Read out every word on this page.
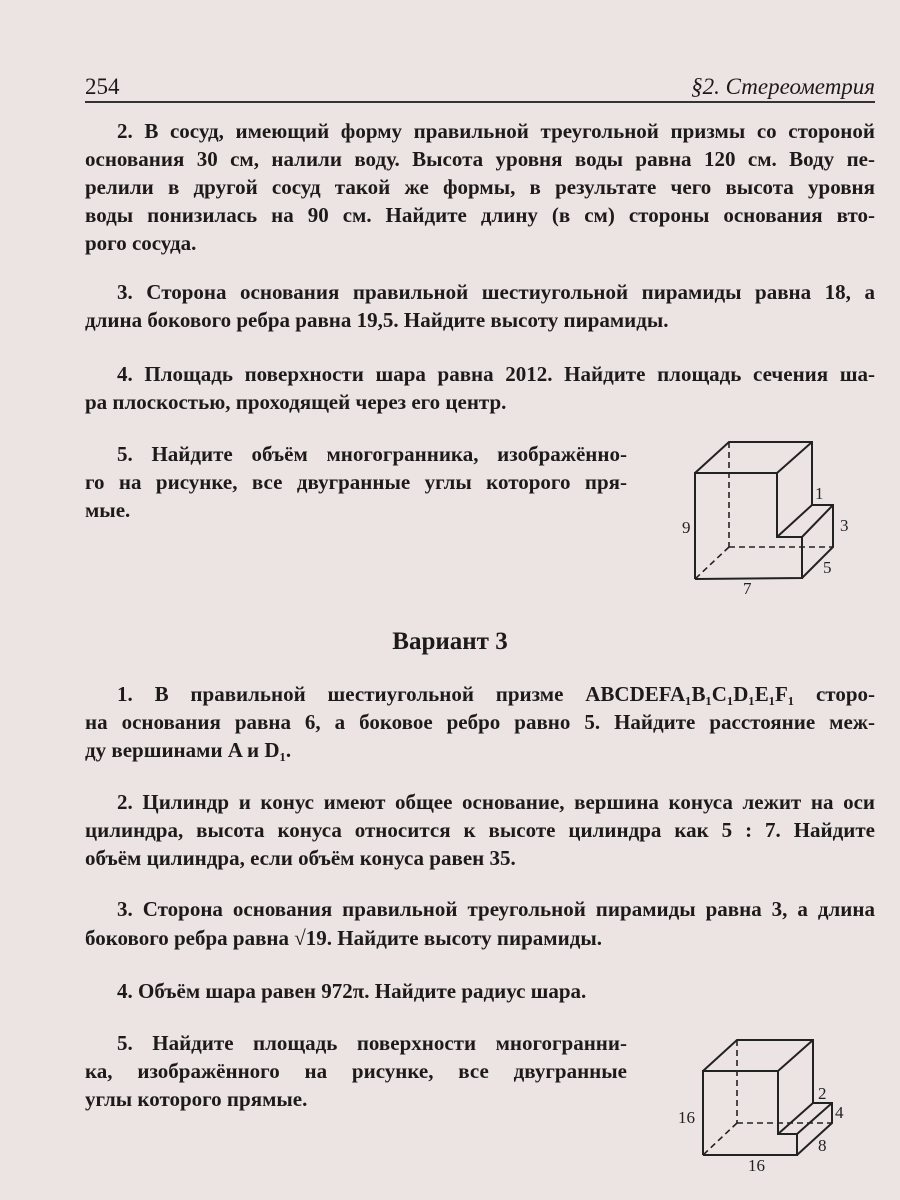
254	§2. Стереометрия
2. В сосуд, имеющий форму правильной треугольной призмы со стороной
основания 30 см, налили воду. Высота уровня воды равна 120 см. Воду пе-
релили в другой сосуд такой же формы, в результате чего высота уровня
воды понизилась на 90 см. Найдите длину (в см) стороны основания вто-
рого сосуда.
3. Сторона основания правильной шестиугольной пирамиды равна 18, а
длина бокового ребра равна 19,5. Найдите высоту пирамиды.
4. Площадь поверхности шара равна 2012. Найдите площадь сечения ша-
ра плоскостью, проходящей через его центр.
5. Найдите объём многогранника, изображённо-
го на рисунке, все двугранные углы которого пря-
мые.
Вариант 3
1. В правильной шестиугольной призме ABCDEFA₁B₁C₁D₁E₁F₁ сторо-
на основания равна 6, а боковое ребро равно 5. Найдите расстояние меж-
ду вершинами A и D₁.
2. Цилиндр и конус имеют общее основание, вершина конуса лежит на оси
цилиндра, высота конуса относится к высоте цилиндра как 5 : 7. Найдите
объём цилиндра, если объём конуса равен 35.
3. Сторона основания правильной треугольной пирамиды равна 3, а длина
бокового ребра равна √19. Найдите высоту пирамиды.
4. Объём шара равен 972π. Найдите радиус шара.
5. Найдите площадь поверхности многогранни-
ка, изображённого на рисунке, все двугранные
углы которого прямые.
1
3
9
5
7
16
2
4
8
16
